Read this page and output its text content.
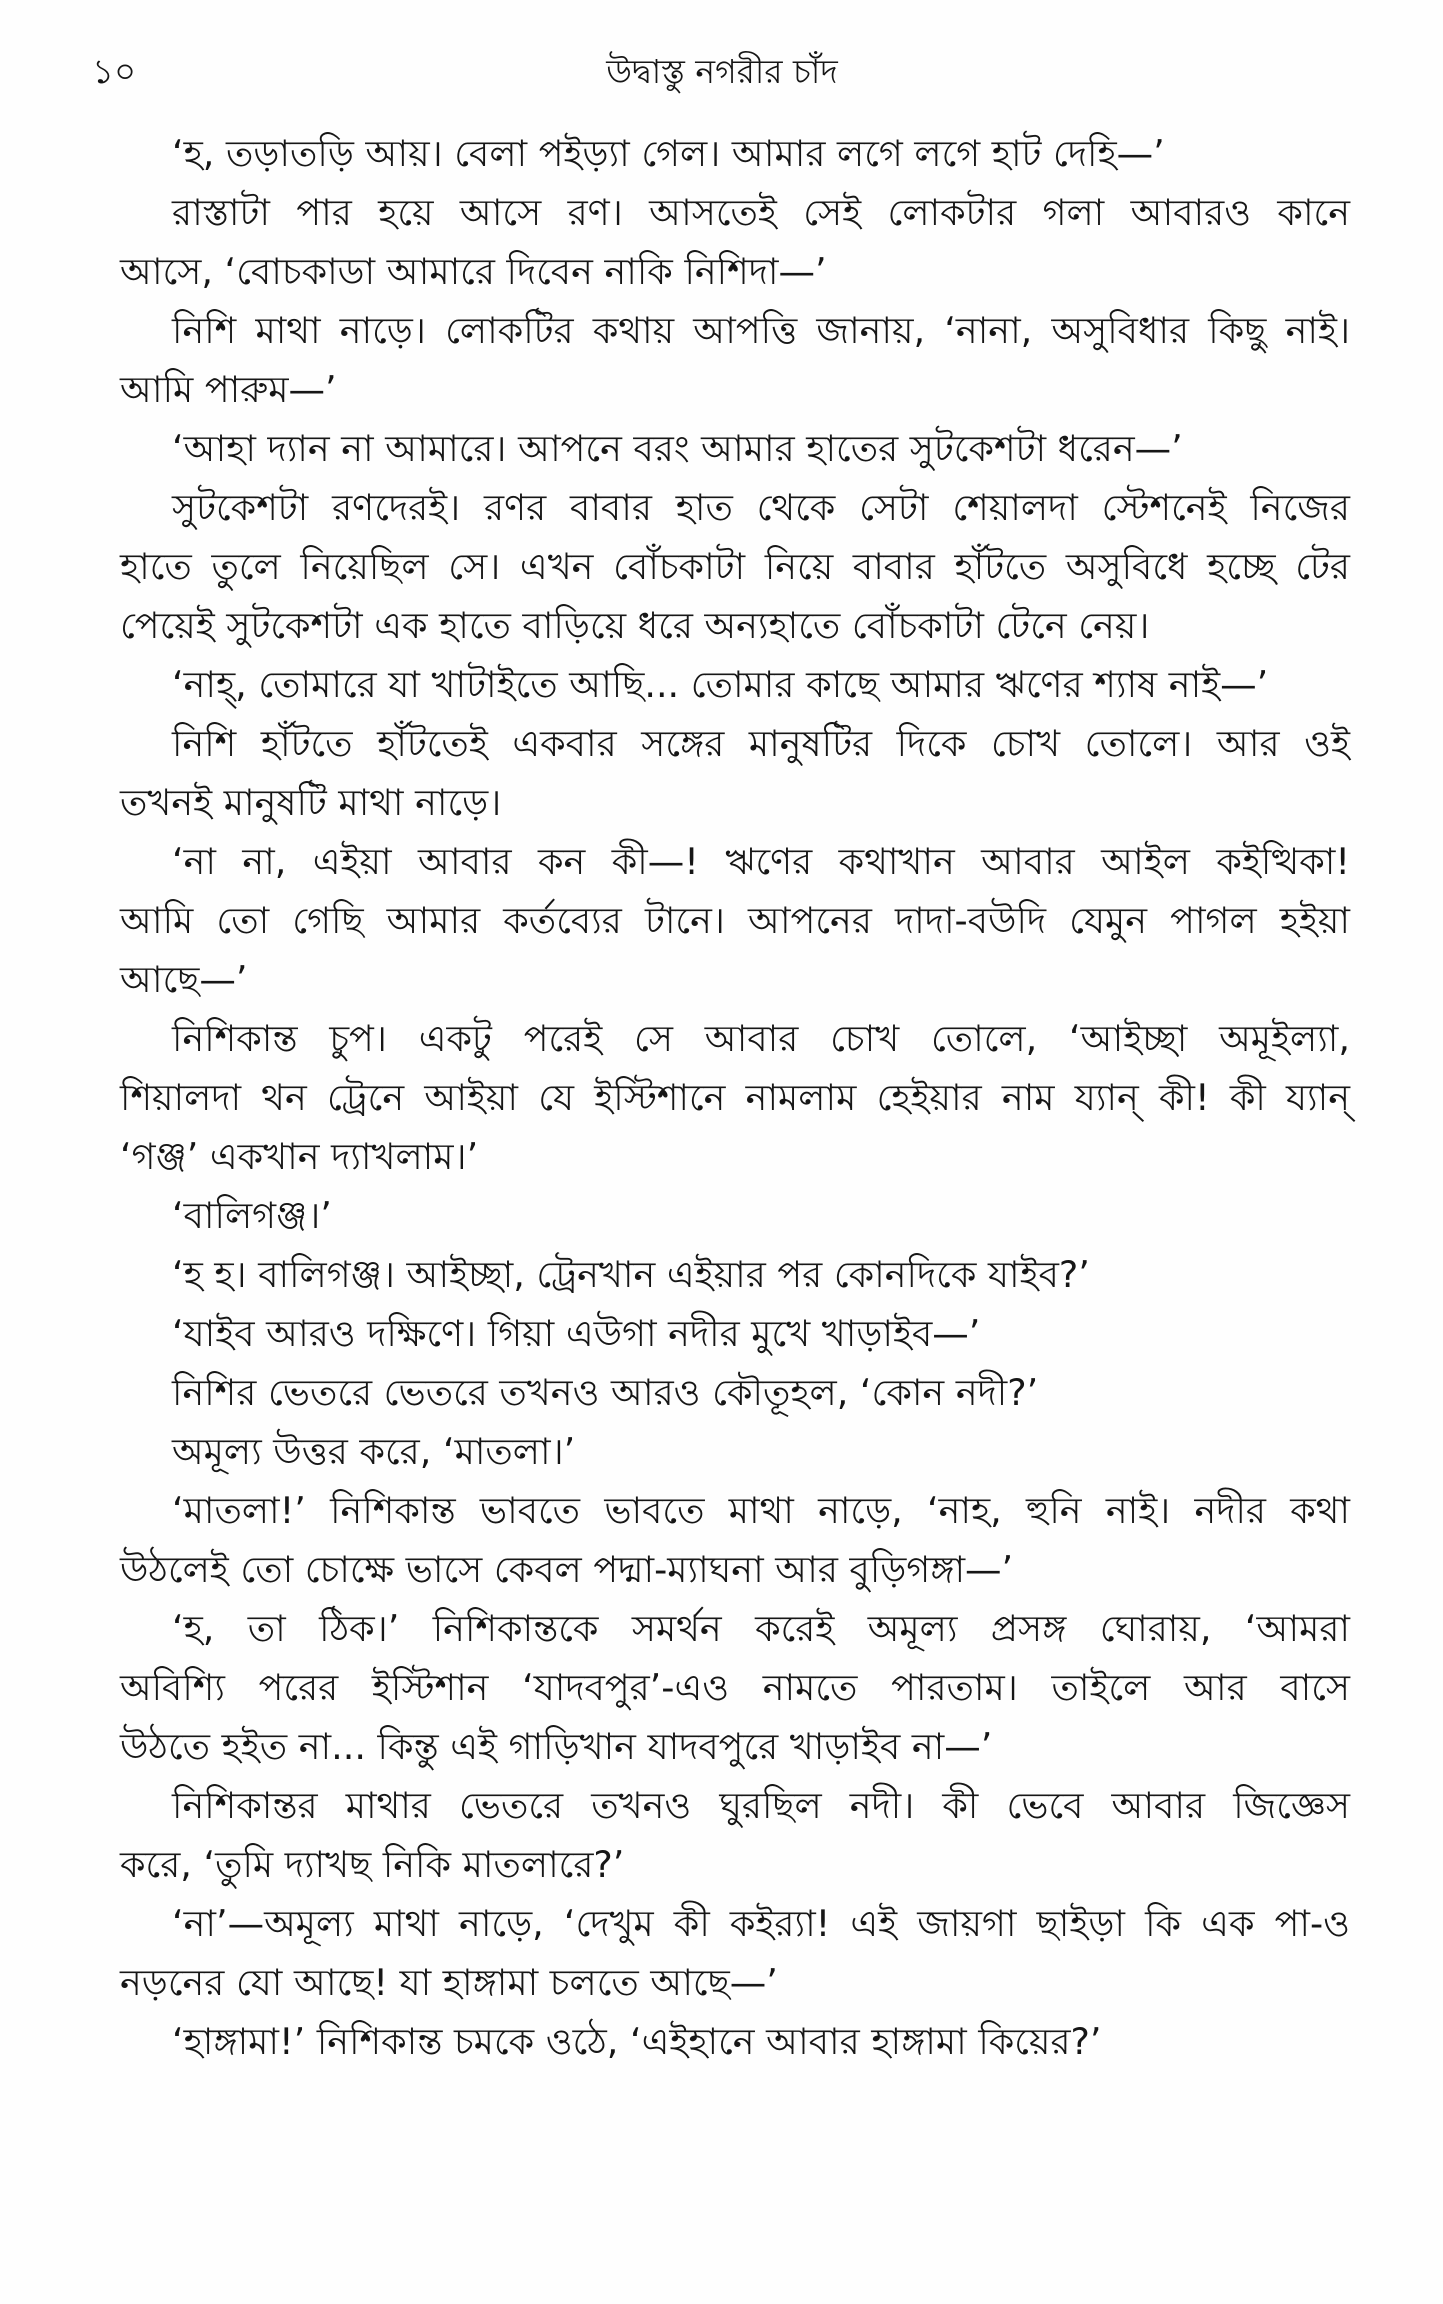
১০	উদ্বাস্তু নগরীর চাঁদ
‘হ, তড়াতড়ি আয়। বেলা পইড়্যা গেল। আমার লগে লগে হাট দেহি—’
রাস্তাটা পার হয়ে আসে রণ। আসতেই সেই লোকটার গলা আবারও কানে
আসে, ‘বোচকাডা আমারে দিবেন নাকি নিশিদা—’
নিশি মাথা নাড়ে। লোকটির কথায় আপত্তি জানায়, ‘নানা, অসুবিধার কিছু নাই।
আমি পারুম—’
‘আহা দ্যান না আমারে। আপনে বরং আমার হাতের সুটকেশটা ধরেন—’
সুটকেশটা রণদেরই। রণর বাবার হাত থেকে সেটা শেয়ালদা স্টেশনেই নিজের
হাতে তুলে নিয়েছিল সে। এখন বোঁচকাটা নিয়ে বাবার হাঁটতে অসুবিধে হচ্ছে টের
পেয়েই সুটকেশটা এক হাতে বাড়িয়ে ধরে অন্যহাতে বোঁচকাটা টেনে নেয়।
‘নাহ্, তোমারে যা খাটাইতে আছি... তোমার কাছে আমার ঋণের শ্যাষ নাই—’
নিশি হাঁটতে হাঁটতেই একবার সঙ্গের মানুষটির দিকে চোখ তোলে। আর ওই
তখনই মানুষটি মাথা নাড়ে।
‘না না, এইয়া আবার কন কী—! ঋণের কথাখান আবার আইল কইত্থিকা!
আমি তো গেছি আমার কর্তব্যের টানে। আপনের দাদা-বউদি যেমুন পাগল হইয়া
আছে—’
নিশিকান্ত চুপ। একটু পরেই সে আবার চোখ তোলে, ‘আইচ্ছা অমূইল্যা,
শিয়ালদা থন ট্রেনে আইয়া যে ইস্টিশানে নামলাম হেইয়ার নাম য্যান্ কী! কী য্যান্
‘গঞ্জ’ একখান দ্যাখলাম।’
‘বালিগঞ্জ।’
‘হ হ। বালিগঞ্জ। আইচ্ছা, ট্রেনখান এইয়ার পর কোনদিকে যাইব?’
‘যাইব আরও দক্ষিণে। গিয়া এউগা নদীর মুখে খাড়াইব—’
নিশির ভেতরে ভেতরে তখনও আরও কৌতূহল, ‘কোন নদী?’
অমূল্য উত্তর করে, ‘মাতলা।’
‘মাতলা!’ নিশিকান্ত ভাবতে ভাবতে মাথা নাড়ে, ‘নাহ, হুনি নাই। নদীর কথা
উঠলেই তো চোক্ষে ভাসে কেবল পদ্মা-ম্যাঘনা আর বুড়িগঙ্গা—’
‘হ, তা ঠিক।’ নিশিকান্তকে সমর্থন করেই অমূল্য প্রসঙ্গ ঘোরায়, ‘আমরা
অবিশ্যি পরের ইস্টিশান ‘যাদবপুর’-এও নামতে পারতাম। তাইলে আর বাসে
উঠতে হইত না... কিন্তু এই গাড়িখান যাদবপুরে খাড়াইব না—’
নিশিকান্তর মাথার ভেতরে তখনও ঘুরছিল নদী। কী ভেবে আবার জিজ্ঞেস
করে, ‘তুমি দ্যাখছ নিকি মাতলারে?’
‘না’—অমূল্য মাথা নাড়ে, ‘দেখুম কী কইর‍্যা! এই জায়গা ছাইড়া কি এক পা-ও
নড়নের যো আছে! যা হাঙ্গামা চলতে আছে—’
‘হাঙ্গামা!’ নিশিকান্ত চমকে ওঠে, ‘এইহানে আবার হাঙ্গামা কিয়ের?’
